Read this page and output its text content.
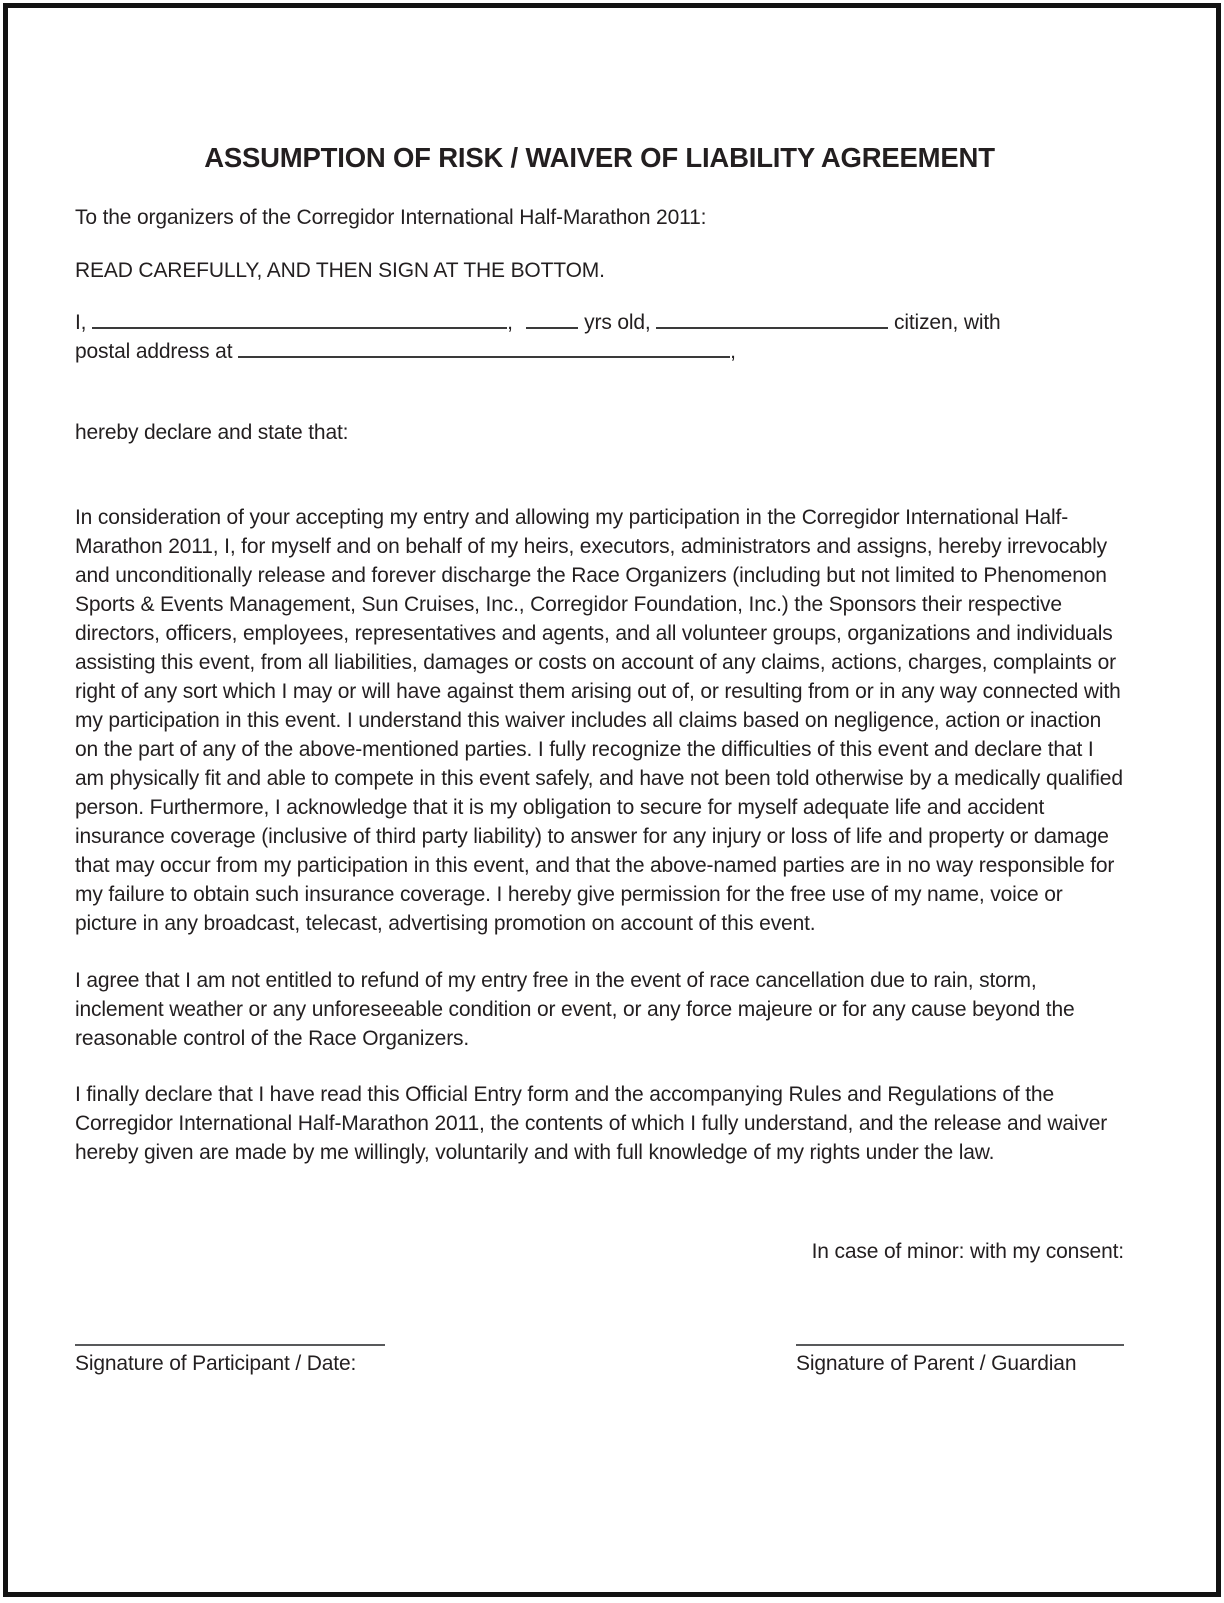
ASSUMPTION OF RISK / WAIVER OF LIABILITY AGREEMENT

To the organizers of the Corregidor International Half-Marathon 2011:

READ CAREFULLY, AND THEN SIGN AT THE BOTTOM.

I,	,	yrs old,	citizen, with
postal address at	,

hereby declare and state that:

In consideration of your accepting my entry and allowing my participation in the Corregidor International Half-Marathon 2011, I, for myself and on behalf of my heirs, executors, administrators and assigns, hereby irrevocably and unconditionally release and forever discharge the Race Organizers (including but not limited to Phenomenon Sports & Events Management, Sun Cruises, Inc., Corregidor Foundation, Inc.) the Sponsors their respective directors, officers, employees, representatives and agents, and all volunteer groups, organizations and individuals assisting this event, from all liabilities, damages or costs on account of any claims, actions, charges, complaints or right of any sort which I may or will have against them arising out of, or resulting from or in any way connected with my participation in this event. I understand this waiver includes all claims based on negligence, action or inaction on the part of any of the above-mentioned parties. I fully recognize the difficulties of this event and declare that I am physically fit and able to compete in this event safely, and have not been told otherwise by a medically qualified person. Furthermore, I acknowledge that it is my obligation to secure for myself adequate life and accident insurance coverage (inclusive of third party liability) to answer for any injury or loss of life and property or damage that may occur from my participation in this event, and that the above-named parties are in no way responsible for my failure to obtain such insurance coverage. I hereby give permission for the free use of my name, voice or picture in any broadcast, telecast, advertising promotion on account of this event.

I agree that I am not entitled to refund of my entry free in the event of race cancellation due to rain, storm, inclement weather or any unforeseeable condition or event, or any force majeure or for any cause beyond the reasonable control of the Race Organizers.

I finally declare that I have read this Official Entry form and the accompanying Rules and Regulations of the Corregidor International Half-Marathon 2011, the contents of which I fully understand, and the release and waiver hereby given are made by me willingly, voluntarily and with full knowledge of my rights under the law.

In case of minor: with my consent:

Signature of Participant / Date:	Signature of Parent / Guardian
